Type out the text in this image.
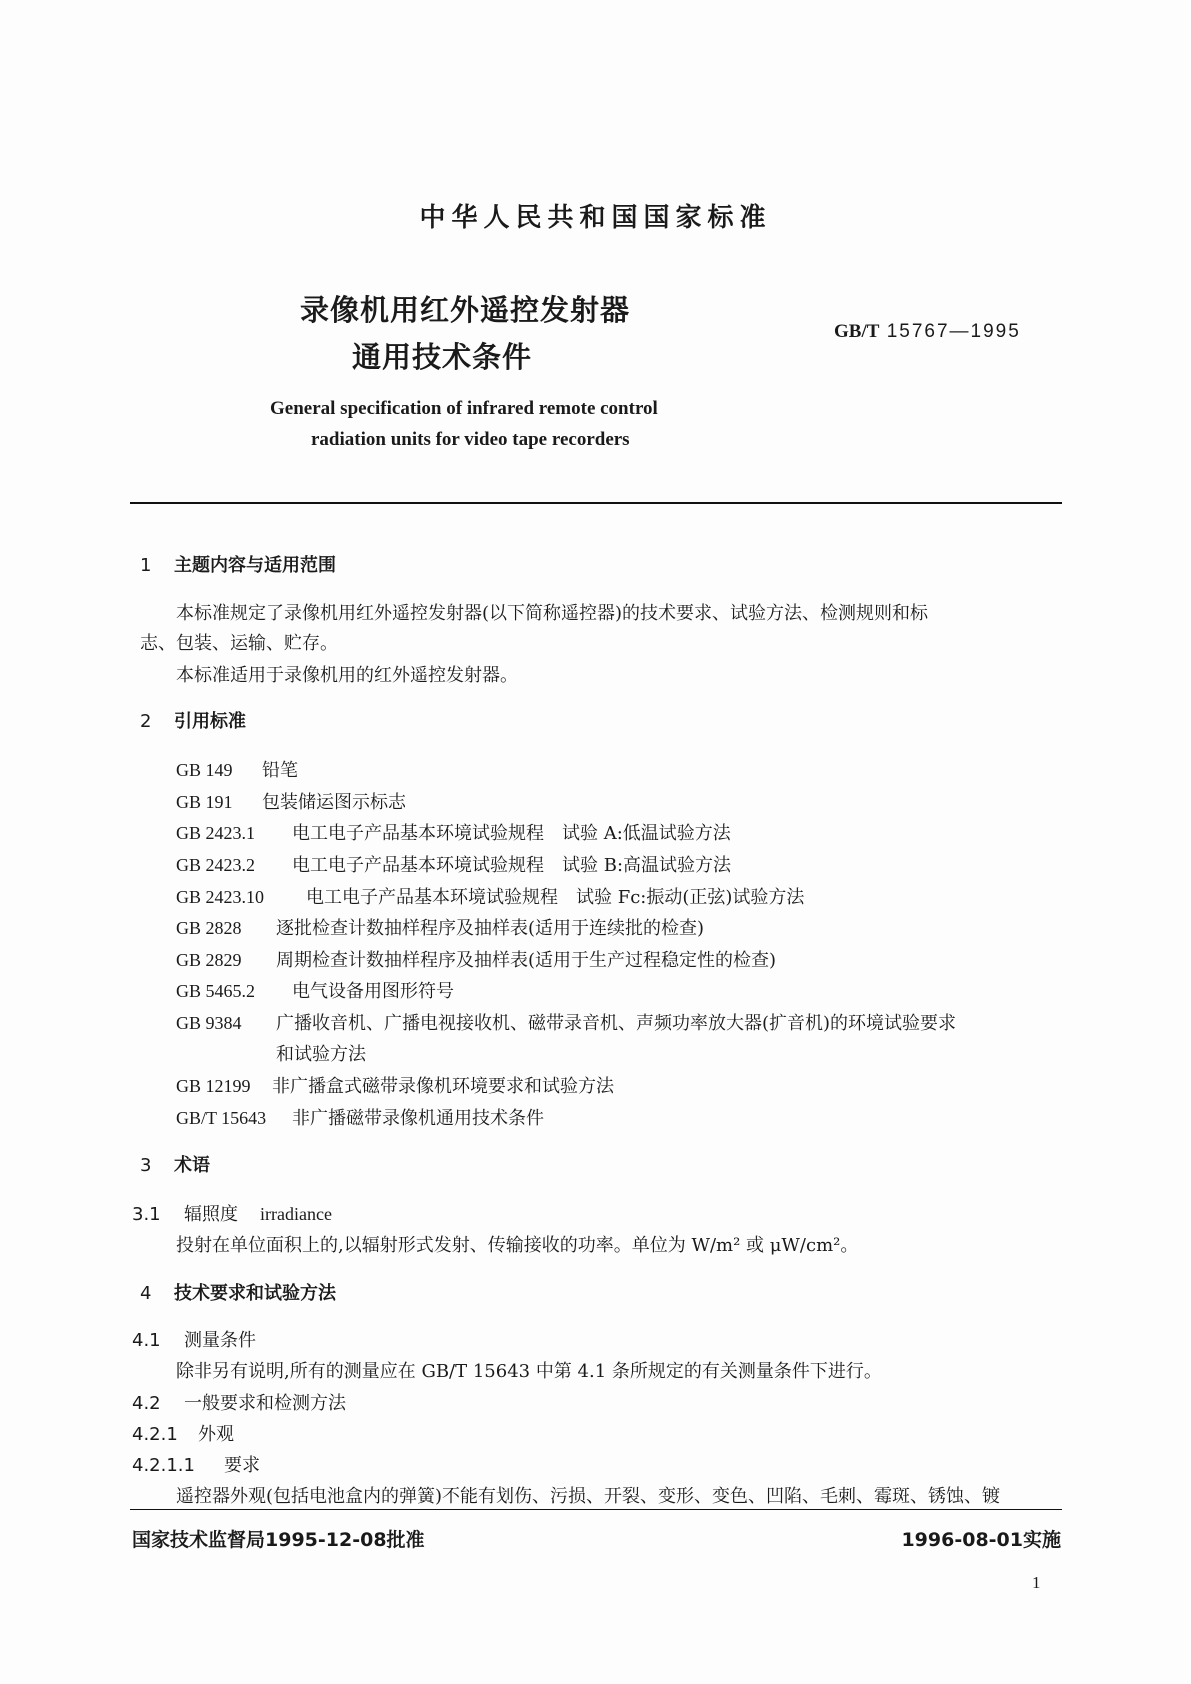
中华人民共和国国家标准
录像机用红外遥控发射器
通用技术条件
GB/T 15767—1995
General specification of infrared remote control
radiation units for video tape recorders
1 主题内容与适用范围
本标准规定了录像机用红外遥控发射器(以下简称遥控器)的技术要求、试验方法、检测规则和标
志、包装、运输、贮存。
本标准适用于录像机用的红外遥控发射器。
2 引用标准
GB 149 铅笔
GB 191 包装储运图示标志
GB 2423.1 电工电子产品基本环境试验规程　试验 A:低温试验方法
GB 2423.2 电工电子产品基本环境试验规程　试验 B:高温试验方法
GB 2423.10 电工电子产品基本环境试验规程　试验 Fc:振动(正弦)试验方法
GB 2828 逐批检查计数抽样程序及抽样表(适用于连续批的检查)
GB 2829 周期检查计数抽样程序及抽样表(适用于生产过程稳定性的检查)
GB 5465.2 电气设备用图形符号
GB 9384 广播收音机、广播电视接收机、磁带录音机、声频功率放大器(扩音机)的环境试验要求
和试验方法
GB 12199 非广播盒式磁带录像机环境要求和试验方法
GB/T 15643 非广播磁带录像机通用技术条件
3 术语
3.1 辐照度 irradiance
投射在单位面积上的,以辐射形式发射、传输接收的功率。单位为 W/m² 或 μW/cm²。
4 技术要求和试验方法
4.1 测量条件
除非另有说明,所有的测量应在 GB/T 15643 中第 4.1 条所规定的有关测量条件下进行。
4.2 一般要求和检测方法
4.2.1 外观
4.2.1.1 要求
遥控器外观(包括电池盒内的弹簧)不能有划伤、污损、开裂、变形、变色、凹陷、毛刺、霉斑、锈蚀、镀
国家技术监督局1995-12-08批准	1996-08-01实施
1
